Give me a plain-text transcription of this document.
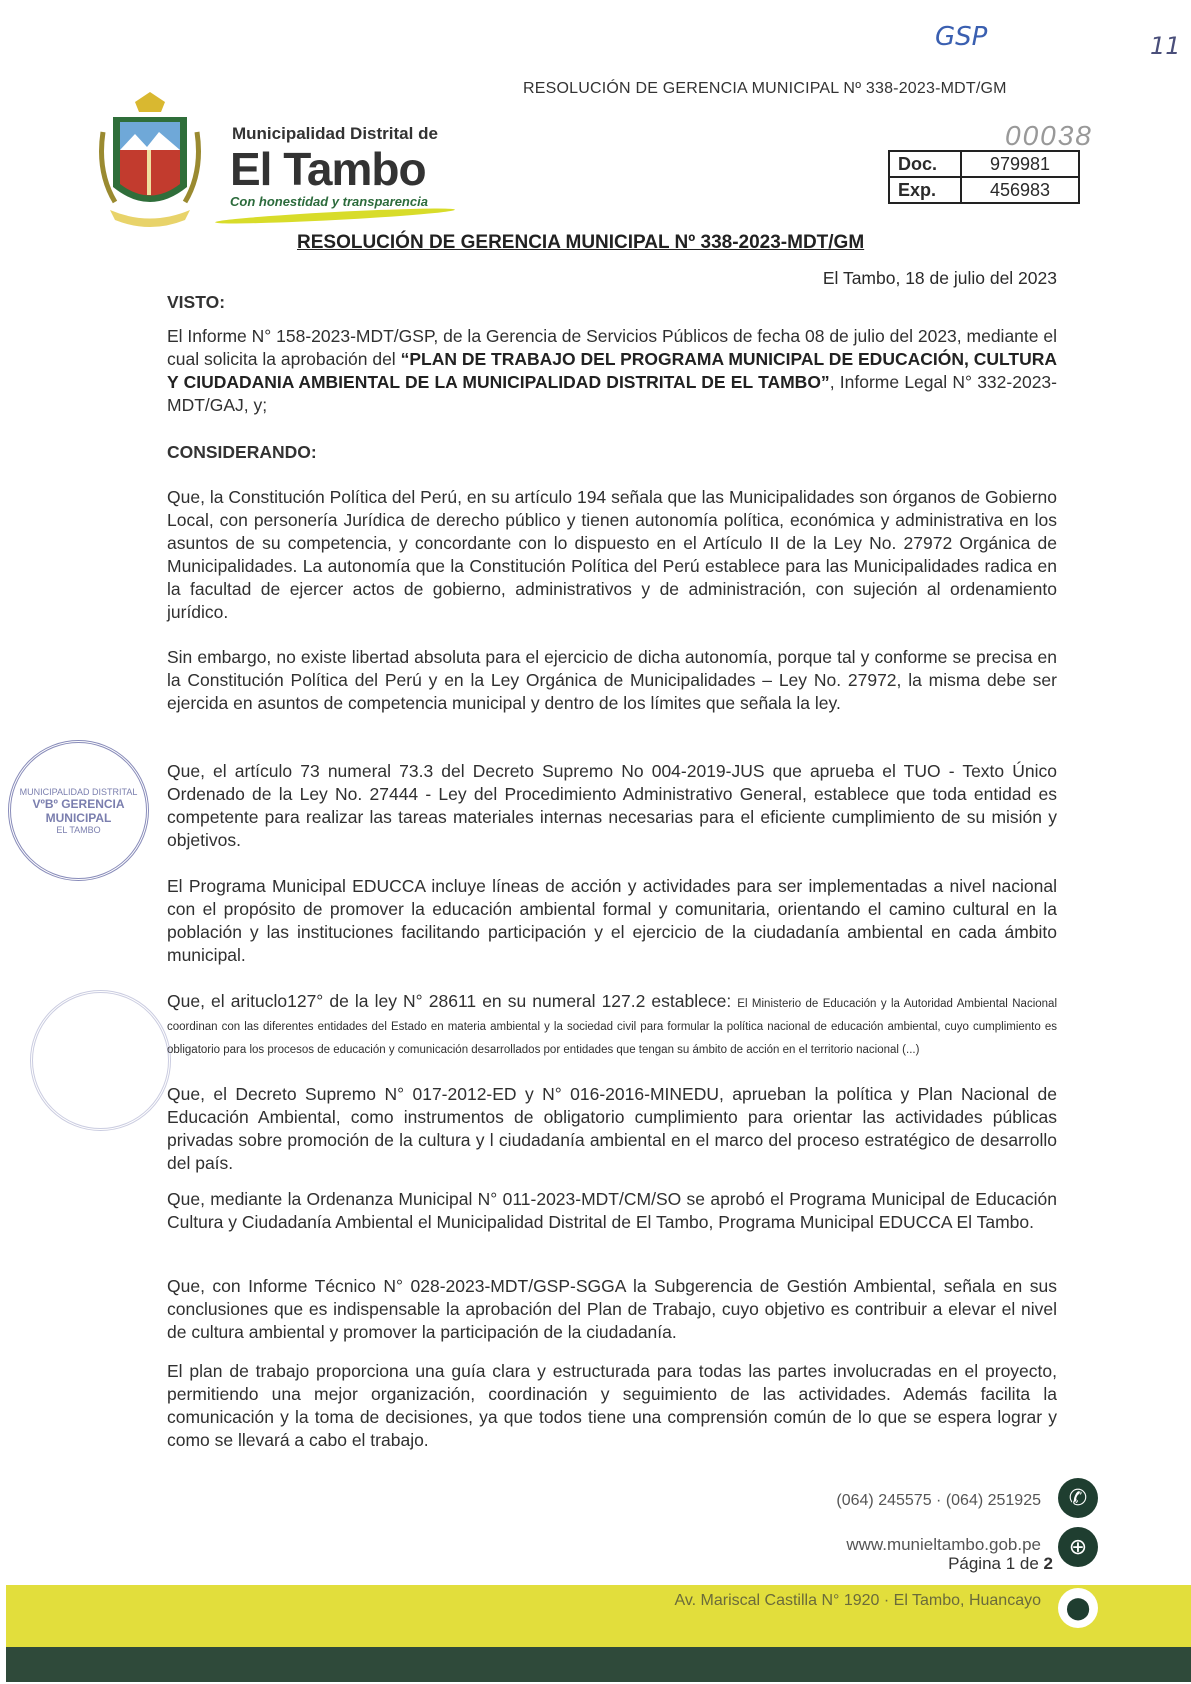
Municipalidad Distrital de
El Tambo
Con honestidad y transparencia
GSP	11
RESOLUCIÓN DE GERENCIA MUNICIPAL Nº 338-2023-MDT/GM
00038
Doc.	979981
Exp.	456983
RESOLUCIÓN DE GERENCIA MUNICIPAL Nº 338-2023-MDT/GM
El Tambo, 18 de julio del 2023
VISTO:
El Informe N° 158-2023-MDT/GSP, de la Gerencia de Servicios Públicos de fecha 08 de julio del 2023, mediante el cual solicita la aprobación del “PLAN DE TRABAJO DEL PROGRAMA MUNICIPAL DE EDUCACIÓN, CULTURA Y CIUDADANIA AMBIENTAL DE LA MUNICIPALIDAD DISTRITAL DE EL TAMBO”, Informe Legal N° 332-2023-MDT/GAJ, y;
CONSIDERANDO:
Que, la Constitución Política del Perú, en su artículo 194 señala que las Municipalidades son órganos de Gobierno Local, con personería Jurídica de derecho público y tienen autonomía política, económica y administrativa en los asuntos de su competencia, y concordante con lo dispuesto en el Artículo II de la Ley No. 27972 Orgánica de Municipalidades. La autonomía que la Constitución Política del Perú establece para las Municipalidades radica en la facultad de ejercer actos de gobierno, administrativos y de administración, con sujeción al ordenamiento jurídico.
Sin embargo, no existe libertad absoluta para el ejercicio de dicha autonomía, porque tal y conforme se precisa en la Constitución Política del Perú y en la Ley Orgánica de Municipalidades – Ley No. 27972, la misma debe ser ejercida en asuntos de competencia municipal y dentro de los límites que señala la ley.
Que, el artículo 73 numeral 73.3 del Decreto Supremo No 004-2019-JUS que aprueba el TUO - Texto Único Ordenado de la Ley No. 27444 - Ley del Procedimiento Administrativo General, establece que toda entidad es competente para realizar las tareas materiales internas necesarias para el eficiente cumplimiento de su misión y objetivos.
El Programa Municipal EDUCCA incluye líneas de acción y actividades para ser implementadas a nivel nacional con el propósito de promover la educación ambiental formal y comunitaria, orientando el camino cultural en la población y las instituciones facilitando participación y el ejercicio de la ciudadanía ambiental en cada ámbito municipal.
Que, el arituclo127° de la ley N° 28611 en su numeral 127.2 establece: El Ministerio de Educación y la Autoridad Ambiental Nacional coordinan con las diferentes entidades del Estado en materia ambiental y la sociedad civil para formular la política nacional de educación ambiental, cuyo cumplimiento es obligatorio para los procesos de educación y comunicación desarrollados por entidades que tengan su ámbito de acción en el territorio nacional (...)
Que, el Decreto Supremo N° 017-2012-ED y N° 016-2016-MINEDU, aprueban la política y Plan Nacional de Educación Ambiental, como instrumentos de obligatorio cumplimiento para orientar las actividades públicas privadas sobre promoción de la cultura y l ciudadanía ambiental en el marco del proceso estratégico de desarrollo del país.
Que, mediante la Ordenanza Municipal N° 011-2023-MDT/CM/SO se aprobó el Programa Municipal de Educación Cultura y Ciudadanía Ambiental el Municipalidad Distrital de El Tambo, Programa Municipal EDUCCA El Tambo.
Que, con Informe Técnico N° 028-2023-MDT/GSP-SGGA la Subgerencia de Gestión Ambiental, señala en sus conclusiones que es indispensable la aprobación del Plan de Trabajo, cuyo objetivo es contribuir a elevar el nivel de cultura ambiental y promover la participación de la ciudadanía.
El plan de trabajo proporciona una guía clara y estructurada para todas las partes involucradas en el proyecto, permitiendo una mejor organización, coordinación y seguimiento de las actividades. Además facilita la comunicación y la toma de decisiones, ya que todos tiene una comprensión común de lo que se espera lograr y como se llevará a cabo el trabajo.
MUNICIPALIDAD DISTRITAL
VºBº GERENCIA MUNICIPAL
EL TAMBO
(064) 245575 · (064) 251925	✆
www.munieltambo.gob.pe	⊕
Página 1 de 2
Av. Mariscal Castilla N° 1920 · El Tambo, Huancayo	⬤
